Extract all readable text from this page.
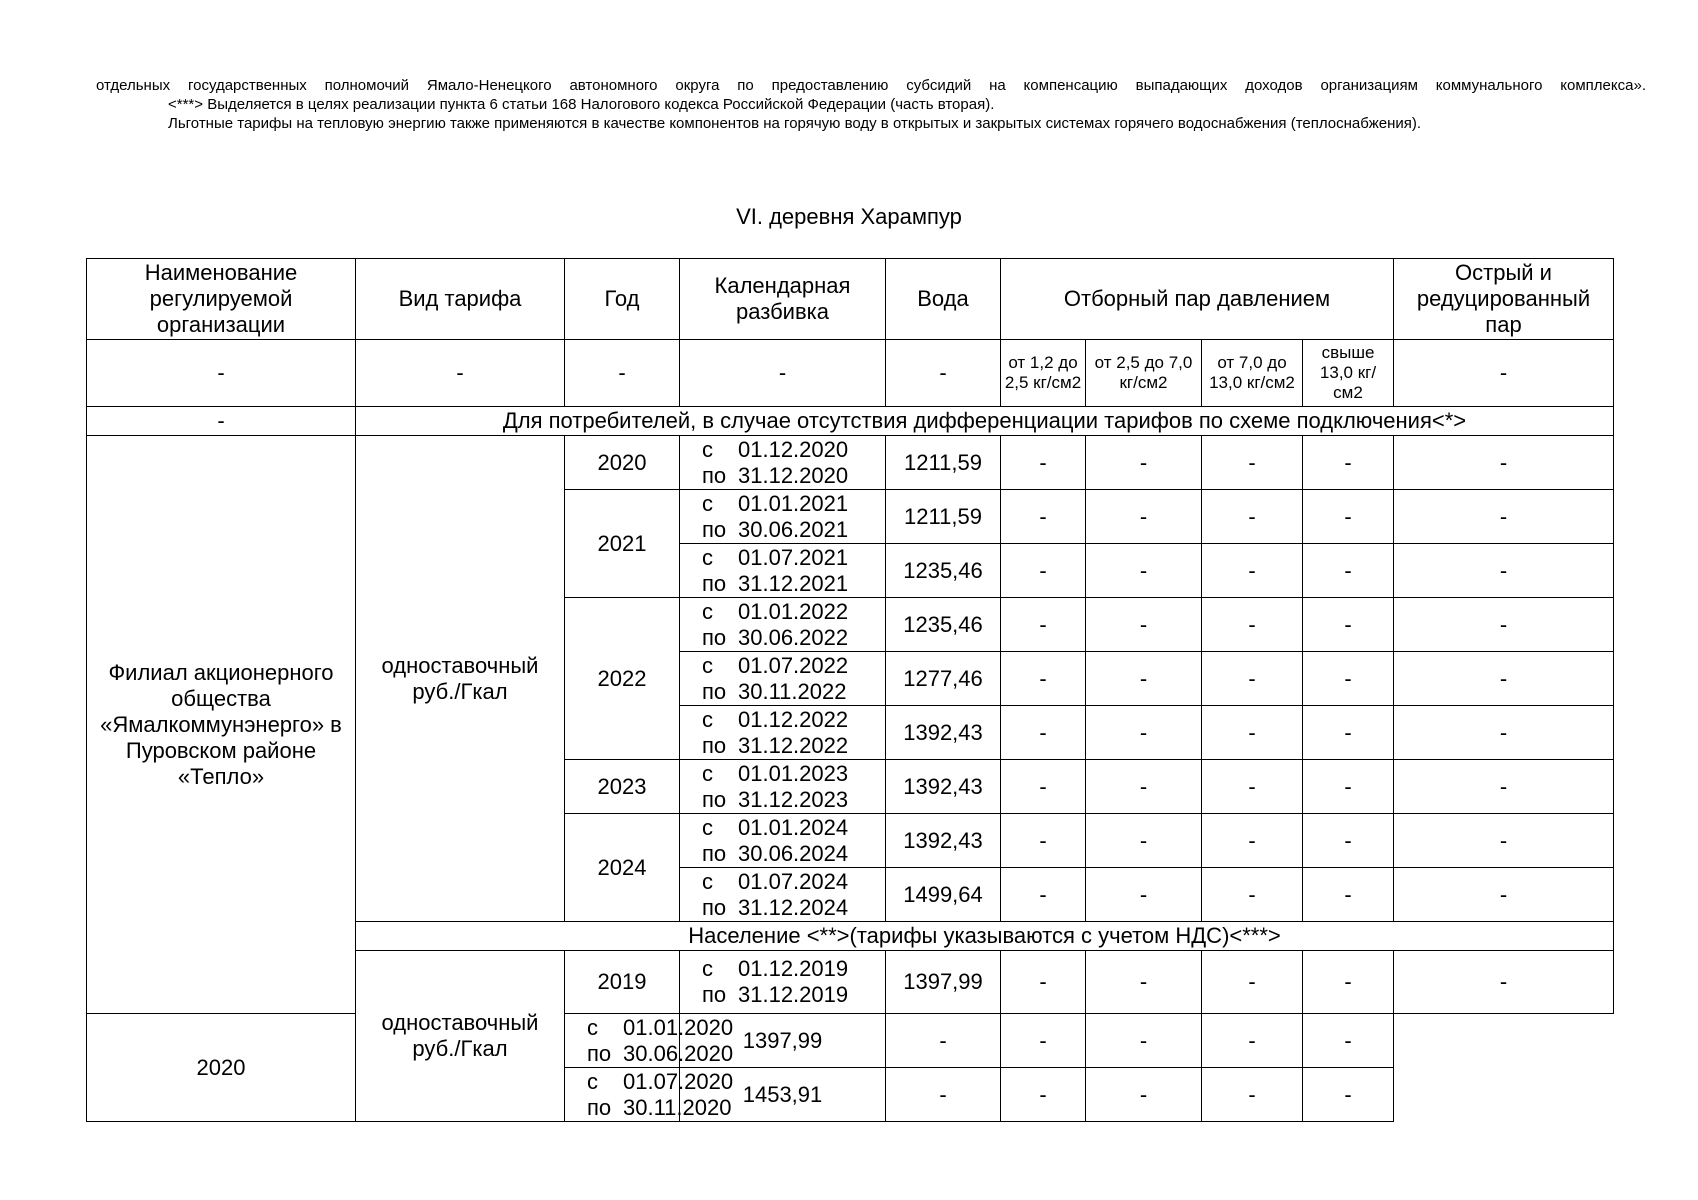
отдельных государственных полномочий Ямало-Ненецкого автономного округа по предоставлению субсидий на компенсацию выпадающих доходов организациям коммунального комплекса».

<***> Выделяется в целях реализации пункта 6 статьи 168 Налогового кодекса Российской Федерации (часть вторая).

Льготные тарифы на тепловую энергию также применяются в качестве компонентов на горячую воду в открытых и закрытых системах горячего водоснабжения (теплоснабжения).

VI. деревня Харампур
Наименование регулируемой организации	Вид тарифа	Год	Календарная разбивка	Вода	Отборный пар давлением				Острый и редуцированный пар
-	-	-	-	-	от 1,2 до 2,5 кг/см2	от 2,5 до 7,0 кг/см2	от 7,0 до 13,0 кг/см2	свыше 13,0 кг/см2	-
-	Для потребителей, в случае отсутствия дифференциации тарифов по схеме подключения<*>								
Филиал акционерного общества «Ямалкоммунэнерго» в Пуровском районе «Тепло»	одноставочный руб./Гкал	2020	с 01.12.2020
по 31.12.2020	1211,59	-	-	-	-	-
		2021	с 01.01.2021
по 30.06.2021	1211,59	-	-	-	-	-

			с 01.07.2021
по 31.12.2021	1235,46	-	-	-	-	-
		2022	с 01.01.2022
по 30.06.2022	1235,46	-	-	-	-	-

			с 01.07.2022
по 30.11.2022	1277,46	-	-	-	-	-

			с 01.12.2022
по 31.12.2022	1392,43	-	-	-	-	-
		2023	с 01.01.2023
по 31.12.2023	1392,43	-	-	-	-	-
		2024	с 01.01.2024
по 30.06.2024	1392,43	-	-	-	-	-

			с 01.07.2024
по 31.12.2024	1499,64	-	-	-	-	-
	Население <**>(тарифы указываются с учетом НДС)<***>								
	одноставочный руб./Гкал	2019	с 01.12.2019
по 31.12.2019	1397,99	-	-	-	-	-
2020		с 01.01.2020
по 30.06.2020	1397,99	-	-	-	-	-	

		с 01.07.2020
по 30.11.2020	1453,91	-	-	-	-	-	
